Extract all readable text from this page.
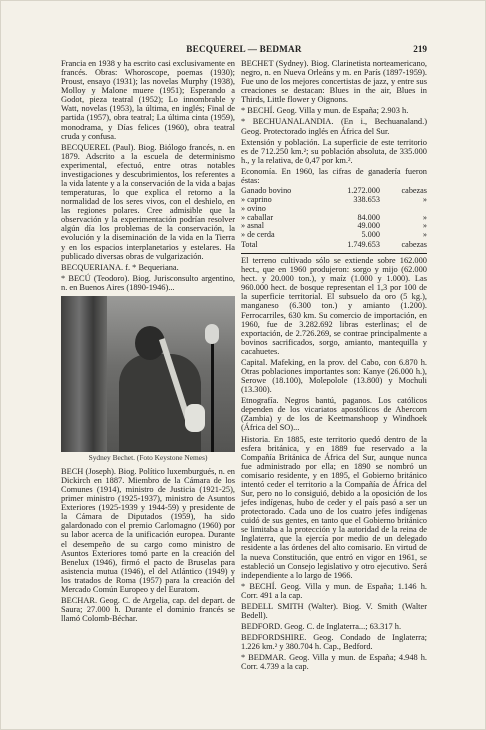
BECQUEREL — BEDMAR	219

Francia en 1938 y ha escrito casi exclusivamente en francés. Obras: Whoroscope, poemas (1930); Proust, ensayo (1931); las novelas Murphy (1938), Molloy y Malone muere (1951); Esperando a Godot, pieza teatral (1952); Lo innombrable y Watt, novelas (1953), la última, en inglés; Final de partida (1957), obra teatral; La última cinta (1959), monodrama, y Días felices (1960), obra teatral cruda y confusa.

BECQUEREL (Paul). Biog. Biólogo francés, n. en 1879. Adscrito a la escuela de determinismo experimental, efectuó, entre otras notables investigaciones y descubrimientos, los referentes a la vida latente y a la conservación de la vida a bajas temperaturas, lo que explica el retorno a la normalidad de los seres vivos, con el deshielo, en las regiones polares. Cree admisible que la observación y la experimentación podrían resolver algún día los problemas de la conservación, la evolución y la diseminación de la vida en la Tierra y en los espacios interplanetarios y estelares. Ha publicado diversas obras de vulgarización.

BECQUERIANA. f. * Bequeriana.

* BECÚ (Teodoro). Biog. Jurisconsulto argentino, n. en Buenos Aires (1890-1946)...

Sydney Bechet. (Foto Keystone Nemes)

BECH (Joseph). Biog. Político luxemburgués, n. en Dickirch en 1887. Miembro de la Cámara de los Comunes (1914), ministro de Justicia (1921-25), primer ministro (1925-1937), ministro de Asuntos Exteriores (1925-1939 y 1944-59) y presidente de la Cámara de Diputados (1959), ha sido galardonado con el premio Carlomagno (1960) por su labor acerca de la unificación europea. Durante el desempeño de su cargo como ministro de Asuntos Exteriores tomó parte en la creación del Benelux (1946), firmó el pacto de Bruselas para asistencia mutua (1946), el del Atlántico (1949) y los tratados de Roma (1957) para la creación del Mercado Común Europeo y del Euratom.

BECHAR. Geog. C. de Argelia, cap. del depart. de Saura; 27.000 h. Durante el dominio francés se llamó Colomb-Béchar.

BECHET (Sydney). Biog. Clarinetista norteamericano, negro, n. en Nueva Orleáns y m. en París (1897-1959). Fue uno de los mejores concertistas de jazz, y entre sus creaciones se destacan: Blues in the air, Blues in Thirds, Little flower y Oignons.

* BECHÍ. Geog. Villa y mun. de España; 2.903 h.

* BECHUANALANDIA. (En i., Bechuanaland.) Geog. Protectorado inglés en África del Sur.

Extensión y población. La superficie de este territorio es de 712.250 km.²; su población absoluta, de 335.000 h., y la relativa, de 0,47 por km.².

Economía. En 1960, las cifras de ganadería fueron éstas:

Ganado bovino	1.272.000	cabezas
» caprino	338.653	»
» ovino		
» caballar	84.000	»
» asnal	49.000	»
» de cerda	5.000	»
Total	1.749.653	cabezas

El terreno cultivado sólo se extiende sobre 162.000 hect., que en 1960 produjeron: sorgo y mijo (62.000 hect. y 20.000 ton.), y maíz (1.000 y 1.000). Las 960.000 hect. de bosque representan el 1,3 por 100 de la superficie territorial. El subsuelo da oro (5 kg.), manganeso (6.300 ton.) y amianto (1.200). Ferrocarriles, 630 km. Su comercio de importación, en 1960, fue de 3.282.692 libras esterlinas; el de exportación, de 2.726.269, se contrae principalmente a bovinos sacrificados, sorgo, amianto, mantequilla y cacahuetes.

Capital. Mafeking, en la prov. del Cabo, con 6.870 h. Otras poblaciones importantes son: Kanye (26.000 h.), Serowe (18.100), Molepolole (13.800) y Mochuli (13.300).

Etnografía. Negros bantú, paganos. Los católicos dependen de los vicariatos apostólicos de Abercorn (Zambia) y de los de Keetmanshoop y Windhoek (África del SO)...

Historia. En 1885, este territorio quedó dentro de la esfera británica, y en 1889 fue reservado a la Compañía Británica de África del Sur, aunque nunca fue administrado por ella; en 1890 se nombró un comisario residente, y en 1895, el Gobierno británico intentó ceder el territorio a la Compañía de África del Sur, pero no lo consiguió, debido a la oposición de los jefes indígenas, hubo de ceder y el país pasó a ser un protectorado. Cada uno de los cuatro jefes indígenas cuidó de sus gentes, en tanto que el Gobierno británico se limitaba a la protección y la autoridad de la reina de Inglaterra, que la ejercía por medio de un delegado residente a las órdenes del alto comisario. En virtud de la nueva Constitución, que entró en vigor en 1961, se estableció un Consejo legislativo y otro ejecutivo. Será independiente a lo largo de 1966.

* BECHÍ. Geog. Villa y mun. de España; 1.146 h. Corr. 491 a la cap.

BEDELL SMITH (Walter). Biog. V. Smith (Walter Bedell).

BEDFORD. Geog. C. de Inglaterra...; 63.317 h.

BEDFORDSHIRE. Geog. Condado de Inglaterra; 1.226 km.² y 380.704 h. Cap., Bedford.

* BEDMAR. Geog. Villa y mun. de España; 4.948 h. Corr. 4.739 a la cap.
